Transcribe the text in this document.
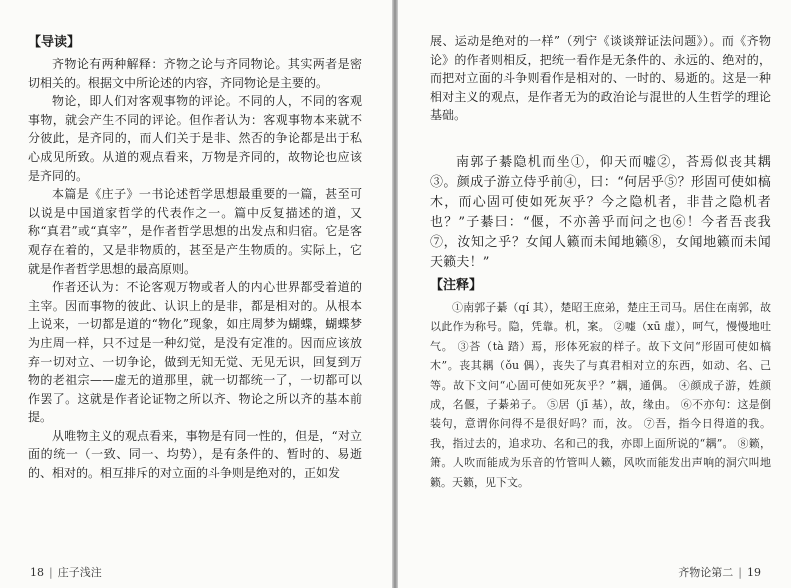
【导读】

齐物论有两种解释：齐物之论与齐同物论。其实两者是密切相关的。根据文中所论述的内容，齐同物论是主要的。

物论，即人们对客观事物的评论。不同的人，不同的客观事物，就会产生不同的评论。但作者认为：客观事物本来就不分彼此，是齐同的，而人们关于是非、然否的争论都是出于私心成见所致。从道的观点看来，万物是齐同的，故物论也应该是齐同的。

本篇是《庄子》一书论述哲学思想最重要的一篇，甚至可以说是中国道家哲学的代表作之一。篇中反复描述的道，又称“真君”或“真宰”，是作者哲学思想的出发点和归宿。它是客观存在着的，又是非物质的，甚至是产生物质的。实际上，它就是作者哲学思想的最高原则。

作者还认为：不论客观万物或者人的内心世界都受着道的主宰。因而事物的彼此、认识上的是非，都是相对的。从根本上说来，一切都是道的“物化”现象，如庄周梦为蝴蝶，蝴蝶梦为庄周一样，只不过是一种幻觉，是没有定准的。因而应该放弃一切对立、一切争论，做到无知无觉、无见无识，回复到万物的老祖宗——虚无的道那里，就一切都统一了，一切都可以作罢了。这就是作者论证物之所以齐、物论之所以齐的基本前提。

从唯物主义的观点看来，事物是有同一性的，但是，“对立面的统一（一致、同一、均势），是有条件的、暂时的、易逝的、相对的。相互排斥的对立面的斗争则是绝对的，正如发

18 | 庄子浅注

展、运动是绝对的一样”（列宁《谈谈辩证法问题》）。而《齐物论》的作者则相反，把统一看作是无条件的、永远的、绝对的，而把对立面的斗争则看作是相对的、一时的、易逝的。这是一种相对主义的观点，是作者无为的政治论与混世的人生哲学的理论基础。

南郭子綦隐机而坐①，仰天而嘘②，荅焉似丧其耦③。颜成子游立侍乎前④，曰：“何居乎⑤？形固可使如槁木，而心固可使如死灰乎？今之隐机者，非昔之隐机者也？”子綦曰：“偃，不亦善乎而问之也⑥！今者吾丧我⑦，汝知之乎？女闻人籁而未闻地籁⑧，女闻地籁而未闻天籁夫！”

【注释】

①南郭子綦（qí 其），楚昭王庶弟，楚庄王司马。居住在南郭，故以此作为称号。隐，凭靠。机，案。 ②嘘（xū 虚），呵气，慢慢地吐气。 ③荅（tà 踏）焉，形体死寂的样子。故下文问“形固可使如槁木”。丧其耦（ǒu 偶），丧失了与真君相对立的东西，如动、名、己等。故下文问“心固可使如死灰乎？”耦，通偶。 ④颜成子游，姓颜成，名偃，子綦弟子。 ⑤居（jī 基），故，缘由。 ⑥不亦句：这是倒装句，意谓你问得不是很好吗？而，汝。 ⑦吾，指今日得道的我。我，指过去的，追求功、名和己的我，亦即上面所说的“耦”。 ⑧籁，箫。人吹而能成为乐音的竹管叫人籁，风吹而能发出声响的洞穴叫地籁。天籁，见下文。

齐物论第二 | 19
